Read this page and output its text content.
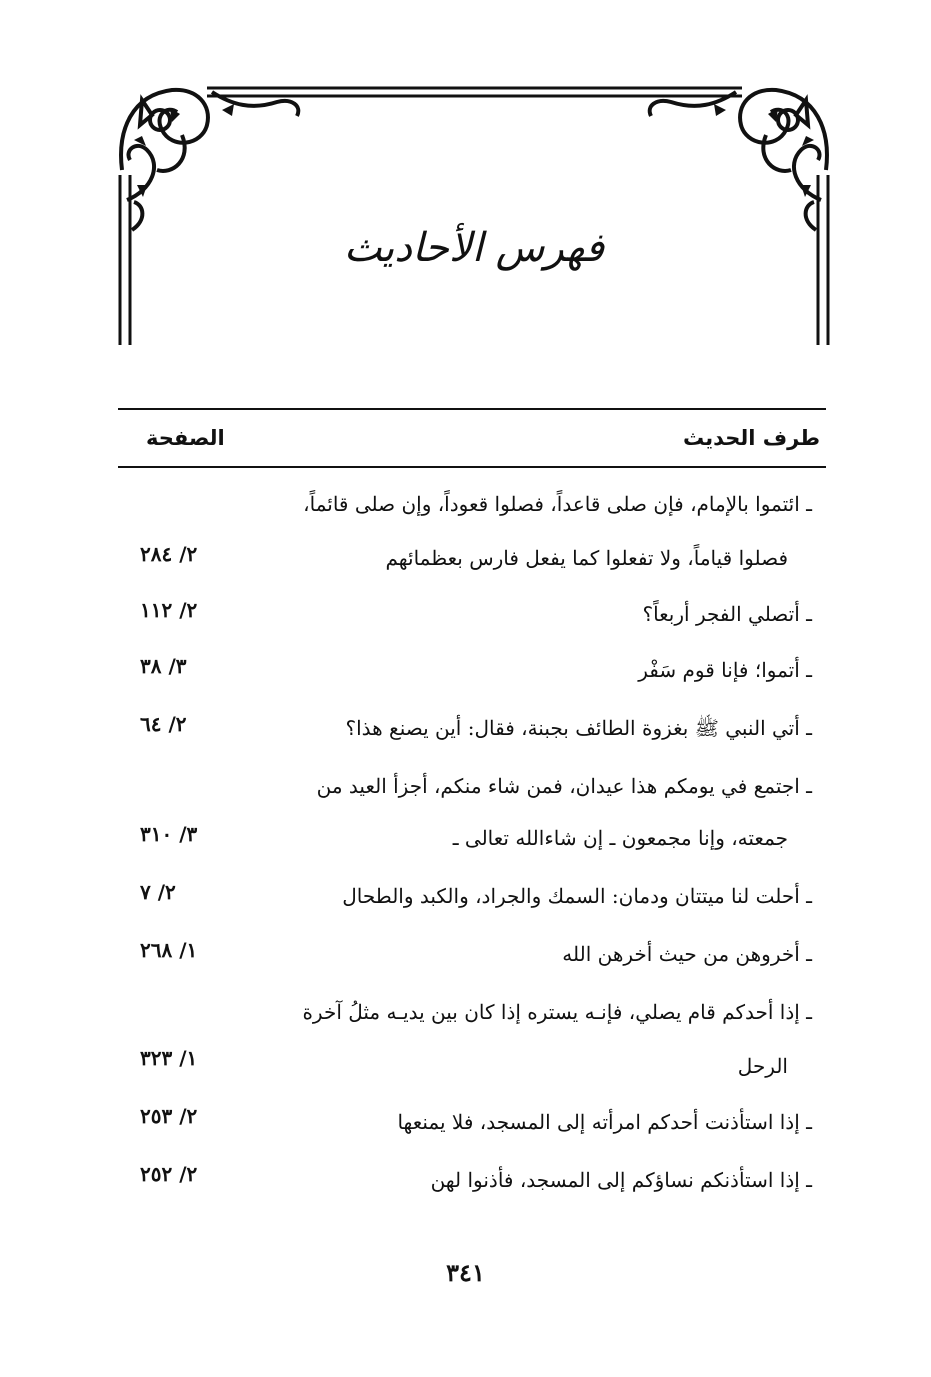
فهرس الأحاديث
طرف الحديث
الصفحة
ـ ائتموا بالإمام، فإن صلى قاعداً، فصلوا قعوداً، وإن صلى قائماً،
فصلوا قياماً، ولا تفعلوا كما يفعل فارس بعظمائهم
٢/ ٢٨٤
ـ أتصلي الفجر أربعاً؟
٢/ ١١٢
ـ أتموا؛ فإنا قوم سَفْر
٣/ ٣٨
ـ أتي النبي ﷺ بغزوة الطائف بجبنة، فقال: أين يصنع هذا؟
٢/ ٦٤
ـ اجتمع في يومكم هذا عيدان، فمن شاء منكم، أجزأ العيد من
جمعته، وإنا مجمعون ـ إن شاءالله تعالى ـ
٣/ ٣١٠
ـ أحلت لنا ميتتان ودمان: السمك والجراد، والكبد والطحال
٢/ ٧
ـ أخروهن من حيث أخرهن الله
١/ ٢٦٨
ـ إذا أحدكم قام يصلي، فإنـه يستره إذا كان بين يديـه مثلُ آخرة
الرحل
١/ ٣٢٣
ـ إذا استأذنت أحدكم امرأته إلى المسجد، فلا يمنعها
٢/ ٢٥٣
ـ إذا استأذنكم نساؤكم إلى المسجد، فأذنوا لهن
٢/ ٢٥٢
٣٤١
